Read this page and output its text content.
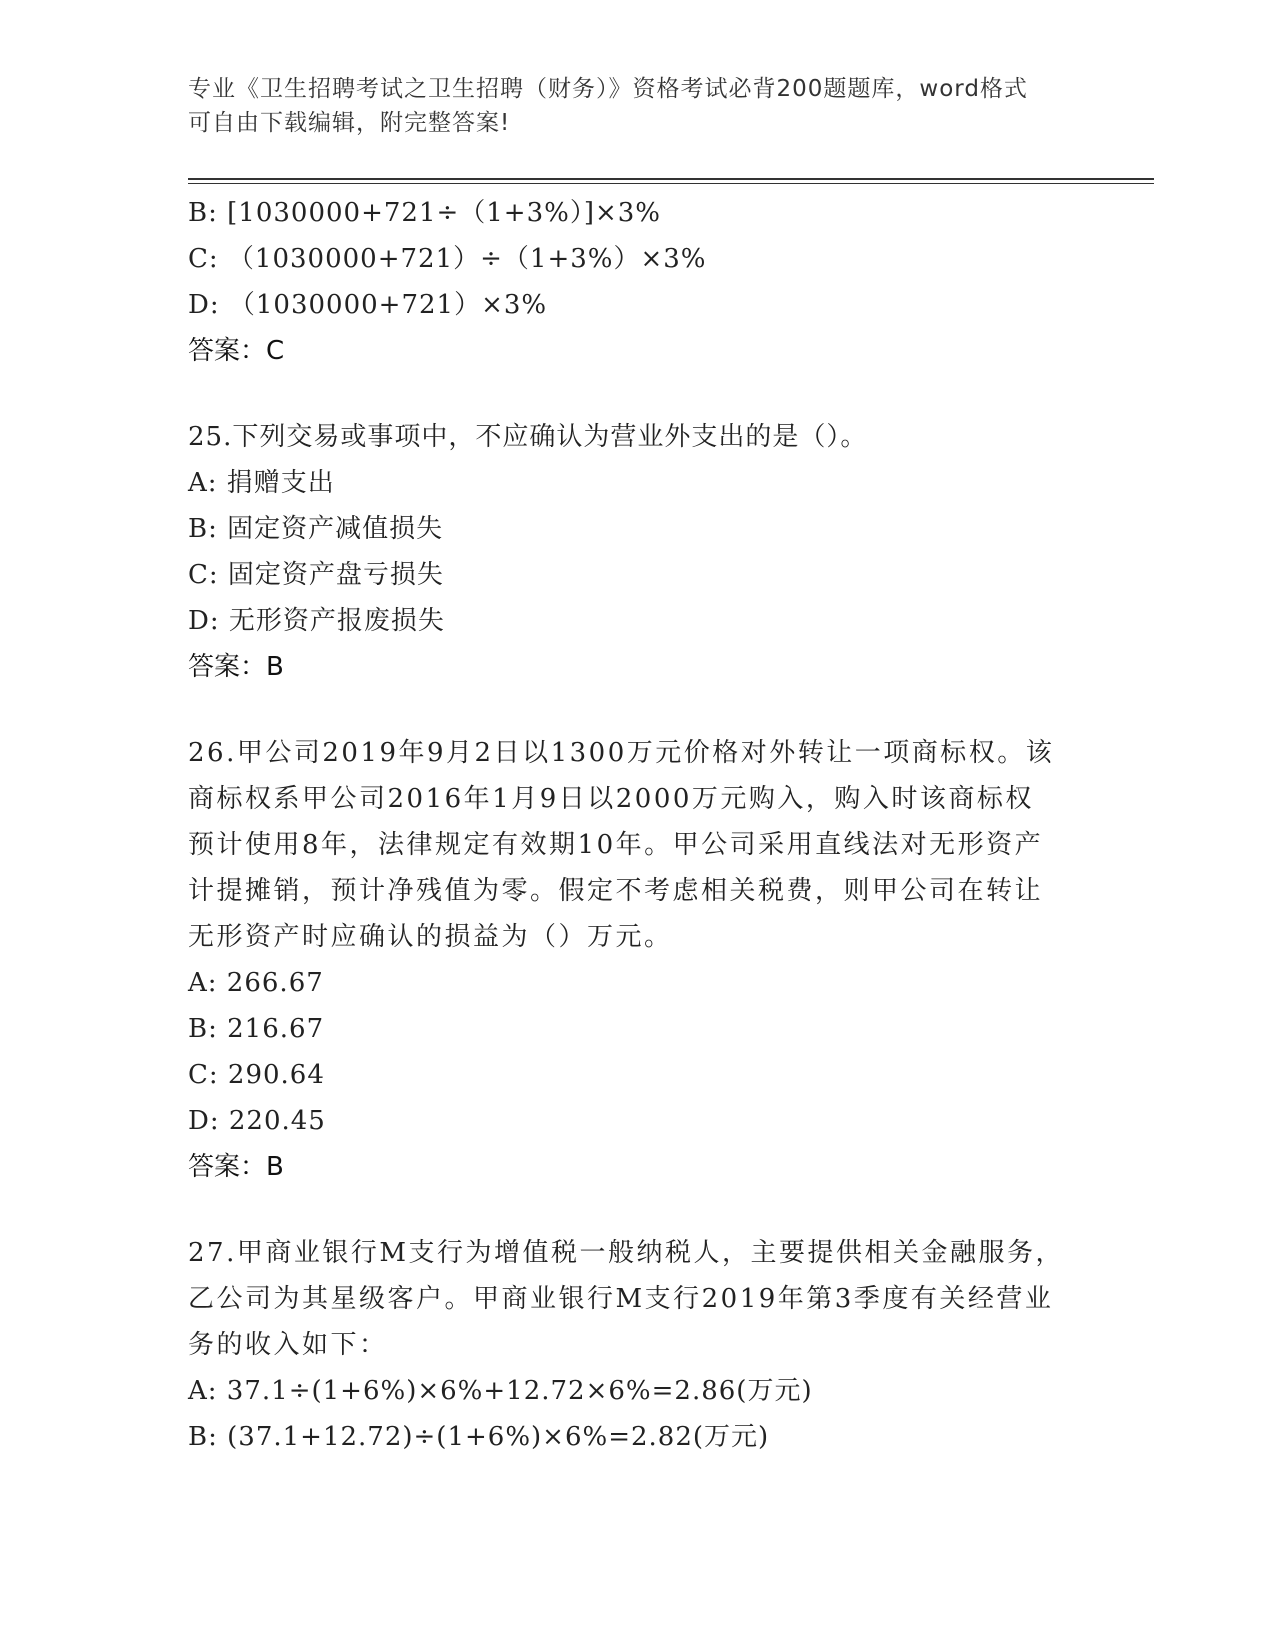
专业《卫生招聘考试之卫生招聘（财务）》资格考试必背200题题库，word格式
可自由下载编辑，附完整答案!
B: [1030000+721÷（1+3%）]×3%
C: （1030000+721）÷（1+3%）×3%
D: （1030000+721）×3%
答案：C
25.下列交易或事项中，不应确认为营业外支出的是（）。
A: 捐赠支出
B: 固定资产减值损失
C: 固定资产盘亏损失
D: 无形资产报废损失
答案：B
26.甲公司2019年9月2日以1300万元价格对外转让一项商标权。该
商标权系甲公司2016年1月9日以2000万元购入，购入时该商标权
预计使用8年，法律规定有效期10年。甲公司采用直线法对无形资产
计提摊销，预计净残值为零。假定不考虑相关税费，则甲公司在转让
无形资产时应确认的损益为（）万元。
A: 266.67
B: 216.67
C: 290.64
D: 220.45
答案：B
27.甲商业银行M支行为增值税一般纳税人，主要提供相关金融服务，
乙公司为其星级客户。甲商业银行M支行2019年第3季度有关经营业
务的收入如下：
A: 37.1÷(1+6%)×6%+12.72×6%=2.86(万元)
B: (37.1+12.72)÷(1+6%)×6%=2.82(万元)
